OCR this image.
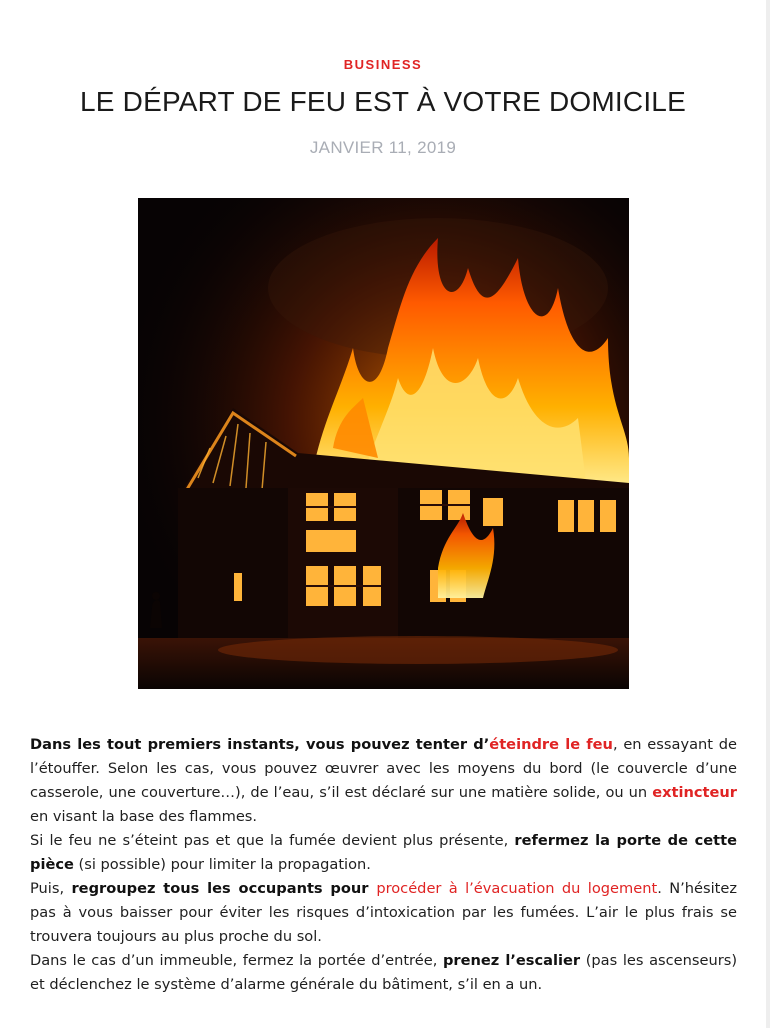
BUSINESS
LE DÉPART DE FEU EST À VOTRE DOMICILE
JANVIER 11, 2019

Dans les tout premiers instants, vous pouvez tenter d’éteindre le feu, en essayant de l’étouffer. Selon les cas, vous pouvez œuvrer avec les moyens du bord (le couvercle d’une casserole, une couverture…), de l’eau, s’il est déclaré sur une matière solide, ou un extincteur en visant la base des flammes.

Si le feu ne s’éteint pas et que la fumée devient plus présente, refermez la porte de cette pièce (si possible) pour limiter la propagation.

Puis, regroupez tous les occupants pour procéder à l’évacuation du logement. N’hésitez pas à vous baisser pour éviter les risques d’intoxication par les fumées. L’air le plus frais se trouvera toujours au plus proche du sol.

Dans le cas d’un immeuble, fermez la portée d’entrée, prenez l’escalier (pas les ascenseurs) et déclenchez le système d’alarme générale du bâtiment, s’il en a un.
